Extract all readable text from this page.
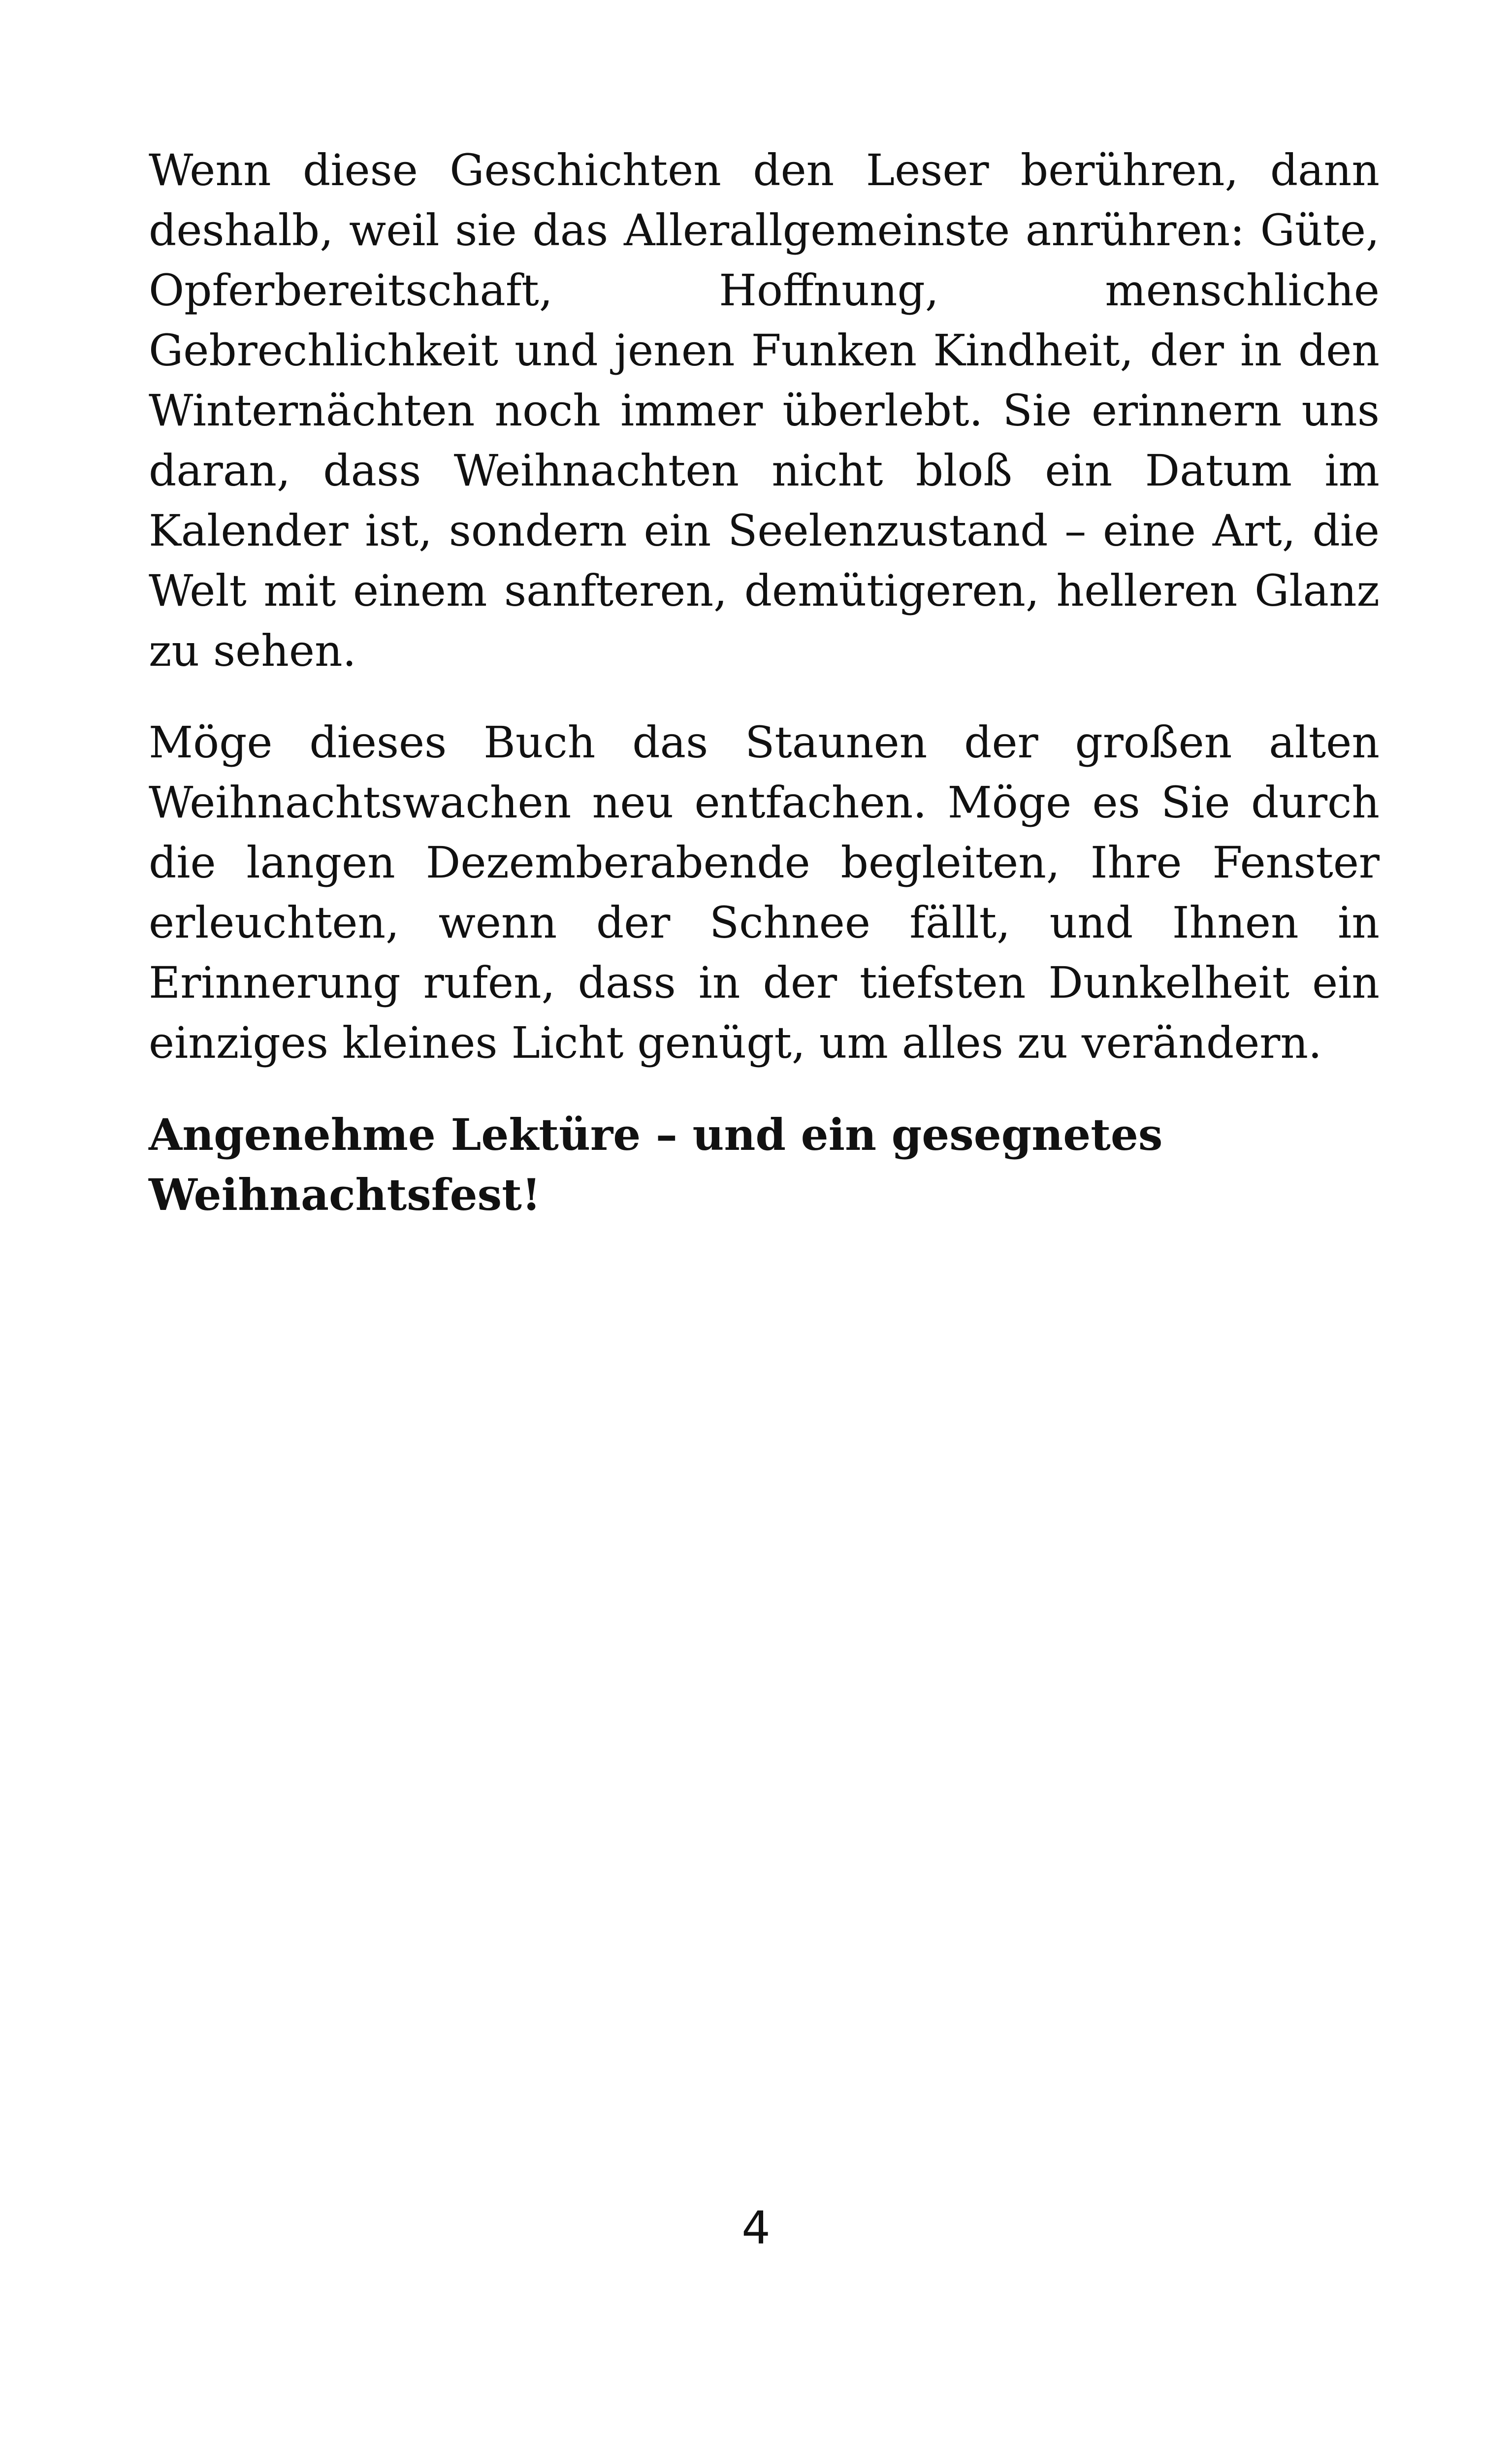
Wenn diese Geschichten den Leser berühren, dann deshalb, weil sie das Allerallgemeinste anrühren: Güte, Opferbereitschaft, Hoffnung, menschliche Gebrechlichkeit und jenen Funken Kindheit, der in den Winternächten noch immer überlebt. Sie erinnern uns daran, dass Weihnachten nicht bloß ein Datum im Kalender ist, sondern ein Seelenzustand – eine Art, die Welt mit einem sanfteren, demütigeren, helleren Glanz zu sehen.

Möge dieses Buch das Staunen der großen alten Weihnachtswachen neu entfachen. Möge es Sie durch die langen Dezemberabende begleiten, Ihre Fenster erleuchten, wenn der Schnee fällt, und Ihnen in Erinnerung rufen, dass in der tiefsten Dunkelheit ein einziges kleines Licht genügt, um alles zu verändern.

Angenehme Lektüre – und ein gesegnetes Weihnachtsfest!

4
